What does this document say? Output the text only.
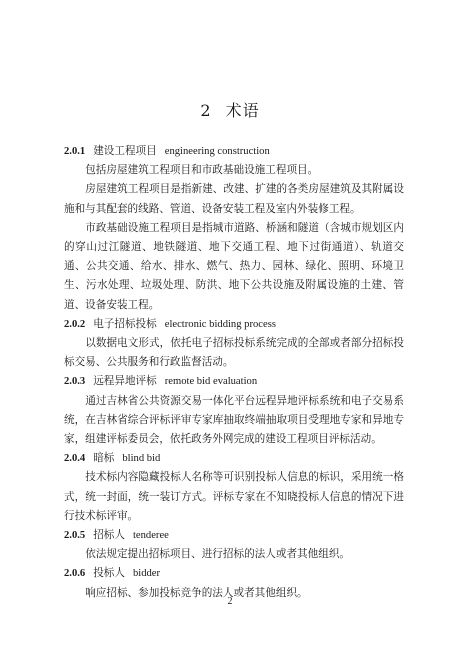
2 术语

2.0.1 建设工程项目 engineering construction

包括房屋建筑工程项目和市政基础设施工程项目。

房屋建筑工程项目是指新建、改建、扩建的各类房屋建筑及其附属设施和与其配套的线路、管道、设备安装工程及室内外装修工程。

市政基础设施工程项目是指城市道路、桥涵和隧道（含城市规划区内的穿山过江隧道、地铁隧道、地下交通工程、地下过街通道）、轨道交通、公共交通、给水、排水、燃气、热力、园林、绿化、照明、环境卫生、污水处理、垃圾处理、防洪、地下公共设施及附属设施的土建、管道、设备安装工程。

2.0.2 电子招标投标 electronic bidding process

以数据电文形式，依托电子招标投标系统完成的全部或者部分招标投标交易、公共服务和行政监督活动。

2.0.3 远程异地评标 remote bid evaluation

通过吉林省公共资源交易一体化平台远程异地评标系统和电子交易系统，在吉林省综合评标评审专家库抽取终端抽取项目受理地专家和异地专家，组建评标委员会，依托政务外网完成的建设工程项目评标活动。

2.0.4 暗标 blind bid

技术标内容隐藏投标人名称等可识别投标人信息的标识，采用统一格式，统一封面，统一装订方式。评标专家在不知晓投标人信息的情况下进行技术标评审。

2.0.5 招标人 tenderee

依法规定提出招标项目、进行招标的法人或者其他组织。

2.0.6 投标人 bidder

响应招标、参加投标竞争的法人或者其他组织。

2
